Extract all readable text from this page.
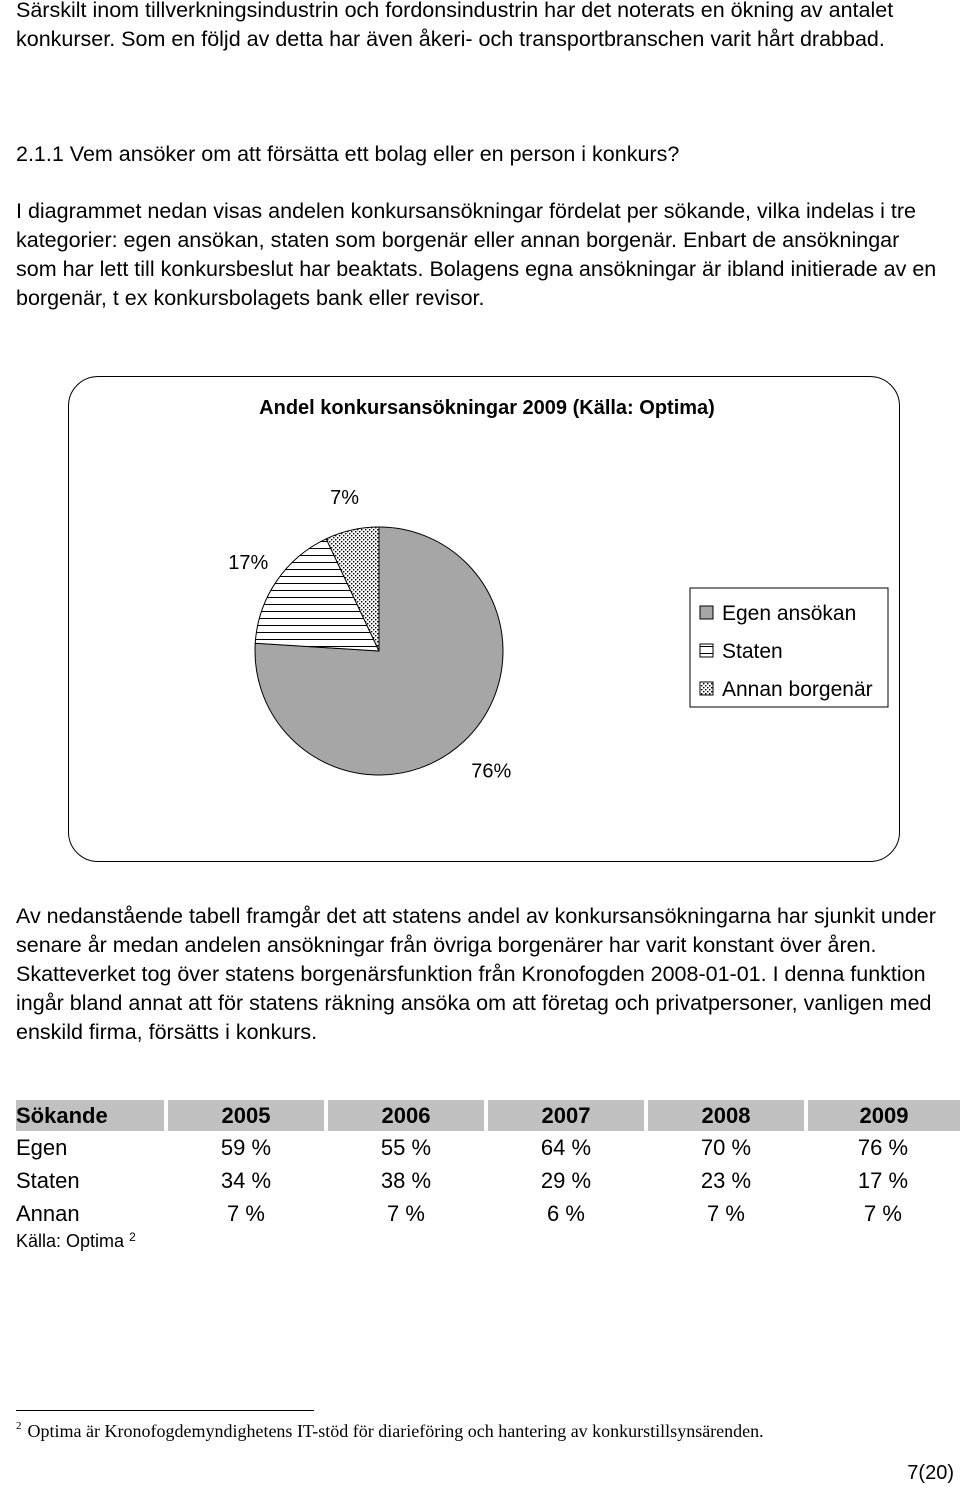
Särskilt inom tillverkningsindustrin och fordonsindustrin har det noterats en ökning av antalet konkurser. Som en följd av detta har även åkeri- och transportbranschen varit hårt drabbad.

2.1.1 Vem ansöker om att försätta ett bolag eller en person i konkurs?

I diagrammet nedan visas andelen konkursansökningar fördelat per sökande, vilka indelas i tre kategorier: egen ansökan, staten som borgenär eller annan borgenär. Enbart de ansökningar som har lett till konkursbeslut har beaktats. Bolagens egna ansökningar är ibland initierade av en borgenär, t ex konkursbolagets bank eller revisor.

Andel konkursansökningar 2009 (Källa: Optima)
76%
17%
7%
Egen ansökan
Staten
Annan borgenär

Av nedanstående tabell framgår det att statens andel av konkursansökningarna har sjunkit under senare år medan andelen ansökningar från övriga borgenärer har varit konstant över åren. Skatteverket tog över statens borgenärsfunktion från Kronofogden 2008-01-01. I denna funktion ingår bland annat att för statens räkning ansöka om att företag och privatpersoner, vanligen med enskild firma, försätts i konkurs.

Sökande	2005	2006	2007	2008	2009
Egen	59 %	55 %	64 %	70 %	76 %
Staten	34 %	38 %	29 %	23 %	17 %
Annan	7 %	7 %	6 %	7 %	7 %
Källa: Optima $^2$
$^2$ Optima är Kronofogdemyndighetens IT-stöd för diarieföring och hantering av konkurstillsynsärenden.
7(20)
